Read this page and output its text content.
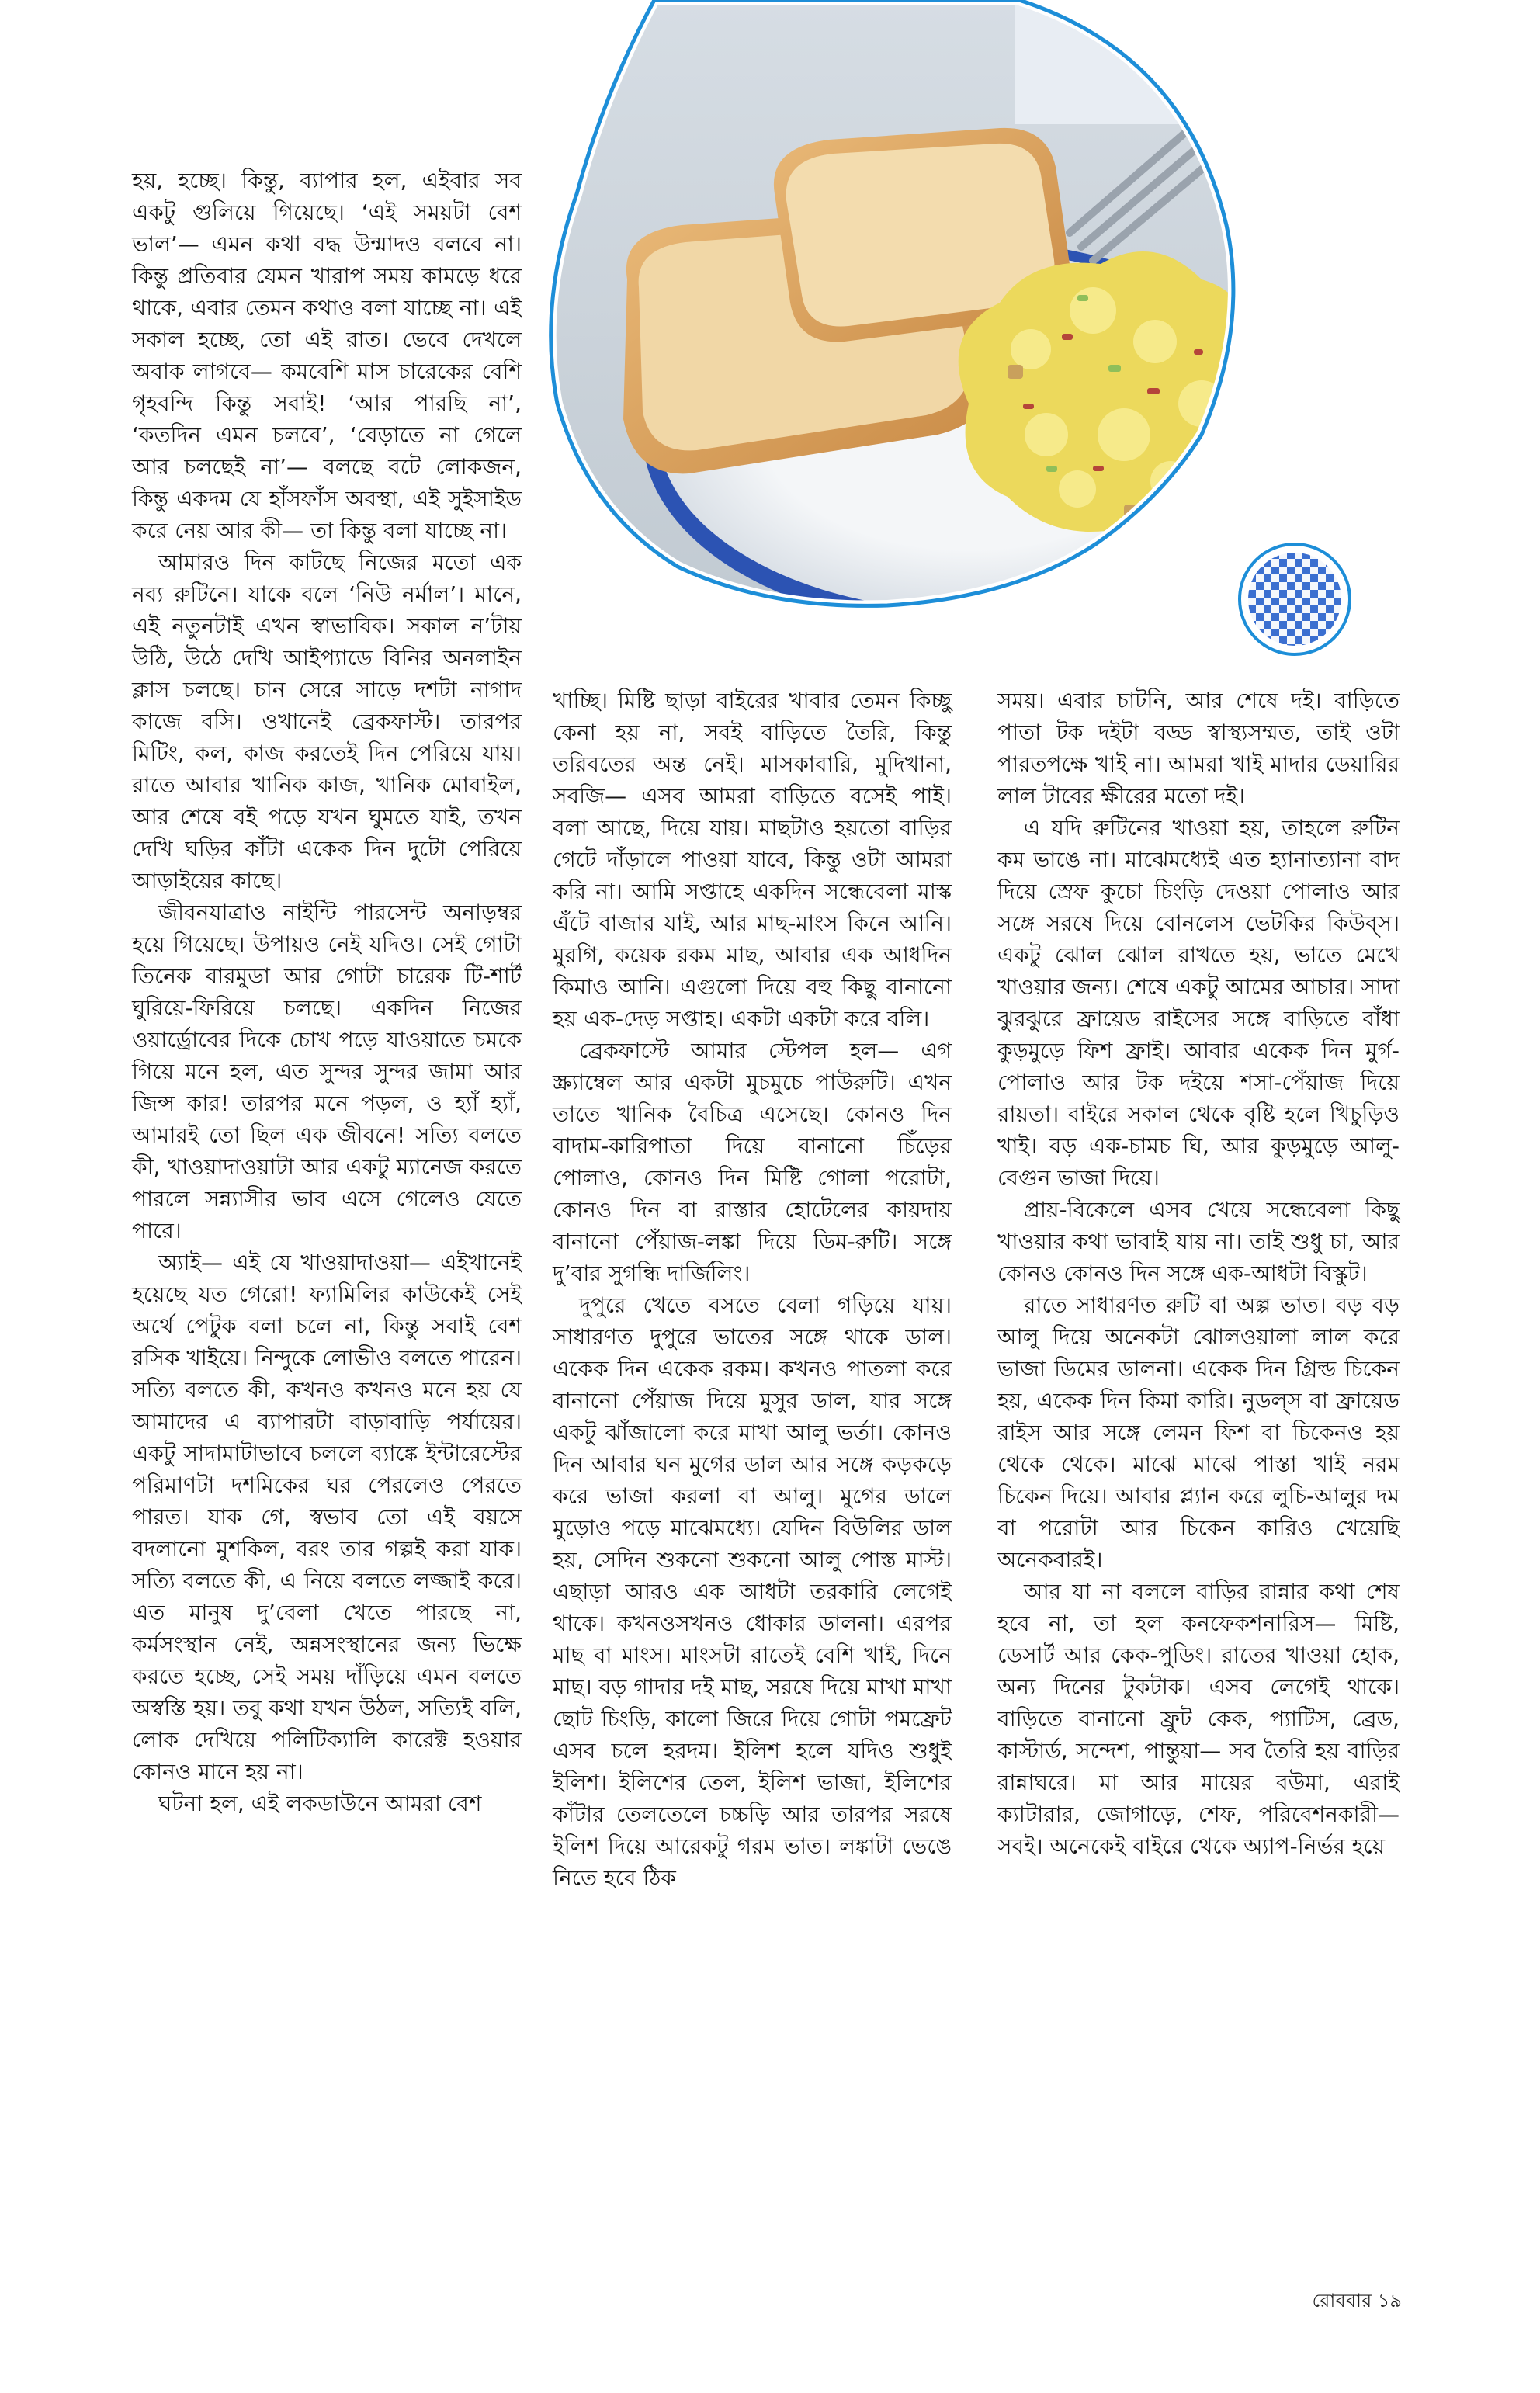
হয়, হচ্ছে। কিন্তু, ব্যাপার হল, এইবার সব একটু গুলিয়ে গিয়েছে। ‘এই সময়টা বেশ ভাল’— এমন কথা বদ্ধ উন্মাদও বলবে না। কিন্তু প্রতিবার যেমন খারাপ সময় কামড়ে ধরে থাকে, এবার তেমন কথাও বলা যাচ্ছে না। এই সকাল হচ্ছে, তো এই রাত। ভেবে দেখলে অবাক লাগবে— কমবেশি মাস চারেকের বেশি গৃহবন্দি কিন্তু সবাই! ‘আর পারছি না’, ‘কতদিন এমন চলবে’, ‘বেড়াতে না গেলে আর চলছেই না’— বলছে বটে লোকজন, কিন্তু একদম যে হাঁসফাঁস অবস্থা, এই সুইসাইড করে নেয় আর কী— তা কিন্তু বলা যাচ্ছে না।

আমারও দিন কাটছে নিজের মতো এক নব্য রুটিনে। যাকে বলে ‘নিউ নর্মাল’। মানে, এই নতুনটাই এখন স্বাভাবিক। সকাল ন’টায় উঠি, উঠে দেখি আইপ্যাডে বিনির অনলাইন ক্লাস চলছে। চান সেরে সাড়ে দশটা নাগাদ কাজে বসি। ওখানেই ব্রেকফাস্ট। তারপর মিটিং, কল, কাজ করতেই দিন পেরিয়ে যায়। রাতে আবার খানিক কাজ, খানিক মোবাইল, আর শেষে বই পড়ে যখন ঘুমতে যাই, তখন দেখি ঘড়ির কাঁটা একেক দিন দুটো পেরিয়ে আড়াইয়ের কাছে।

জীবনযাত্রাও নাইন্টি পারসেন্ট অনাড়ম্বর হয়ে গিয়েছে। উপায়ও নেই যদিও। সেই গোটা তিনেক বারমুডা আর গোটা চারেক টি-শার্ট ঘুরিয়ে-ফিরিয়ে চলছে। একদিন নিজের ওয়ার্ড্রোবের দিকে চোখ পড়ে যাওয়াতে চমকে গিয়ে মনে হল, এত সুন্দর সুন্দর জামা আর জিন্স কার! তারপর মনে পড়ল, ও হ্যাঁ হ্যাঁ, আমারই তো ছিল এক জীবনে! সত্যি বলতে কী, খাওয়াদাওয়াটা আর একটু ম্যানেজ করতে পারলে সন্ন্যাসীর ভাব এসে গেলেও যেতে পারে।

অ্যাই— এই যে খাওয়াদাওয়া— এইখানেই হয়েছে যত গেরো! ফ্যামিলির কাউকেই সেই অর্থে পেটুক বলা চলে না, কিন্তু সবাই বেশ রসিক খাইয়ে। নিন্দুকে লোভীও বলতে পারেন। সত্যি বলতে কী, কখনও কখনও মনে হয় যে আমাদের এ ব্যাপারটা বাড়াবাড়ি পর্যায়ের। একটু সাদামাটাভাবে চললে ব্যাঙ্কে ইন্টারেস্টের পরিমাণটা দশমিকের ঘর পেরলেও পেরতে পারত। যাক গে, স্বভাব তো এই বয়সে বদলানো মুশকিল, বরং তার গল্পই করা যাক। সত্যি বলতে কী, এ নিয়ে বলতে লজ্জাই করে। এত মানুষ দু’বেলা খেতে পারছে না, কর্মসংস্থান নেই, অন্নসংস্থানের জন্য ভিক্ষে করতে হচ্ছে, সেই সময় দাঁড়িয়ে এমন বলতে অস্বস্তি হয়। তবু কথা যখন উঠল, সত্যিই বলি, লোক দেখিয়ে পলিটিক্যালি কারেক্ট হওয়ার কোনও মানে হয় না।

ঘটনা হল, এই লকডাউনে আমরা বেশ

খাচ্ছি। মিষ্টি ছাড়া বাইরের খাবার তেমন কিচ্ছু কেনা হয় না, সবই বাড়িতে তৈরি, কিন্তু তরিবতের অন্ত নেই। মাসকাবারি, মুদিখানা, সবজি— এসব আমরা বাড়িতে বসেই পাই। বলা আছে, দিয়ে যায়। মাছটাও হয়তো বাড়ির গেটে দাঁড়ালে পাওয়া যাবে, কিন্তু ওটা আমরা করি না। আমি সপ্তাহে একদিন সন্ধেবেলা মাস্ক এঁটে বাজার যাই, আর মাছ-মাংস কিনে আনি। মুরগি, কয়েক রকম মাছ, আবার এক আধদিন কিমাও আনি। এগুলো দিয়ে বহু কিছু বানানো হয় এক-দেড় সপ্তাহ। একটা একটা করে বলি।

ব্রেকফাস্টে আমার স্টেপল হল— এগ স্ক্র্যাম্বেল আর একটা মুচমুচে পাউরুটি। এখন তাতে খানিক বৈচিত্র এসেছে। কোনও দিন বাদাম-কারিপাতা দিয়ে বানানো চিঁড়ের পোলাও, কোনও দিন মিষ্টি গোলা পরোটা, কোনও দিন বা রাস্তার হোটেলের কায়দায় বানানো পেঁয়াজ-লঙ্কা দিয়ে ডিম-রুটি। সঙ্গে দু’বার সুগন্ধি দার্জিলিং।

দুপুরে খেতে বসতে বেলা গড়িয়ে যায়। সাধারণত দুপুরে ভাতের সঙ্গে থাকে ডাল। একেক দিন একেক রকম। কখনও পাতলা করে বানানো পেঁয়াজ দিয়ে মুসুর ডাল, যার সঙ্গে একটু ঝাঁজালো করে মাখা আলু ভর্তা। কোনও দিন আবার ঘন মুগের ডাল আর সঙ্গে কড়কড়ে করে ভাজা করলা বা আলু। মুগের ডালে মুড়োও পড়ে মাঝেমধ্যে। যেদিন বিউলির ডাল হয়, সেদিন শুকনো শুকনো আলু পোস্ত মাস্ট। এছাড়া আরও এক আধটা তরকারি লেগেই থাকে। কখনওসখনও ধোকার ডালনা। এরপর মাছ বা মাংস। মাংসটা রাতেই বেশি খাই, দিনে মাছ। বড় গাদার দই মাছ, সরষে দিয়ে মাখা মাখা ছোট চিংড়ি, কালো জিরে দিয়ে গোটা পমফ্রেট এসব চলে হরদম। ইলিশ হলে যদিও শুধুই ইলিশ। ইলিশের তেল, ইলিশ ভাজা, ইলিশের কাঁটার তেলতেলে চচ্চড়ি আর তারপর সরষে ইলিশ দিয়ে আরেকটু গরম ভাত। লঙ্কাটা ভেঙে নিতে হবে ঠিক

সময়। এবার চাটনি, আর শেষে দই। বাড়িতে পাতা টক দইটা বড্ড স্বাস্থ্যসম্মত, তাই ওটা পারতপক্ষে খাই না। আমরা খাই মাদার ডেয়ারির লাল টাবের ক্ষীরের মতো দই।

এ যদি রুটিনের খাওয়া হয়, তাহলে রুটিন কম ভাঙে না। মাঝেমধ্যেই এত হ্যানাত্যানা বাদ দিয়ে স্রেফ কুচো চিংড়ি দেওয়া পোলাও আর সঙ্গে সরষে দিয়ে বোনলেস ভেটকির কিউব্স। একটু ঝোল ঝোল রাখতে হয়, ভাতে মেখে খাওয়ার জন্য। শেষে একটু আমের আচার। সাদা ঝুরঝুরে ফ্রায়েড রাইসের সঙ্গে বাড়িতে বাঁধা কুড়মুড়ে ফিশ ফ্রাই। আবার একেক দিন মুর্গ-পোলাও আর টক দইয়ে শসা-পেঁয়াজ দিয়ে রায়তা। বাইরে সকাল থেকে বৃষ্টি হলে খিচুড়িও খাই। বড় এক-চামচ ঘি, আর কুড়মুড়ে আলু-বেগুন ভাজা দিয়ে।

প্রায়-বিকেলে এসব খেয়ে সন্ধেবেলা কিছু খাওয়ার কথা ভাবাই যায় না। তাই শুধু চা, আর কোনও কোনও দিন সঙ্গে এক-আধটা বিস্কুট।

রাতে সাধারণত রুটি বা অল্প ভাত। বড় বড় আলু দিয়ে অনেকটা ঝোলওয়ালা লাল করে ভাজা ডিমের ডালনা। একেক দিন গ্রিল্ড চিকেন হয়, একেক দিন কিমা কারি। নুডল্স বা ফ্রায়েড রাইস আর সঙ্গে লেমন ফিশ বা চিকেনও হয় থেকে থেকে। মাঝে মাঝে পাস্তা খাই নরম চিকেন দিয়ে। আবার প্ল্যান করে লুচি-আলুর দম বা পরোটা আর চিকেন কারিও খেয়েছি অনেকবারই।

আর যা না বললে বাড়ির রান্নার কথা শেষ হবে না, তা হল কনফেকশনারিস— মিষ্টি, ডেসার্ট আর কেক-পুডিং। রাতের খাওয়া হোক, অন্য দিনের টুকটাক। এসব লেগেই থাকে। বাড়িতে বানানো ফ্রুট কেক, প্যাটিস, ব্রেড, কাস্টার্ড, সন্দেশ, পান্তুয়া— সব তৈরি হয় বাড়ির রান্নাঘরে। মা আর মায়ের বউমা, এরাই ক্যাটারার, জোগাড়ে, শেফ, পরিবেশনকারী— সবই। অনেকেই বাইরে থেকে অ্যাপ-নির্ভর হয়ে

রোববার ১৯
